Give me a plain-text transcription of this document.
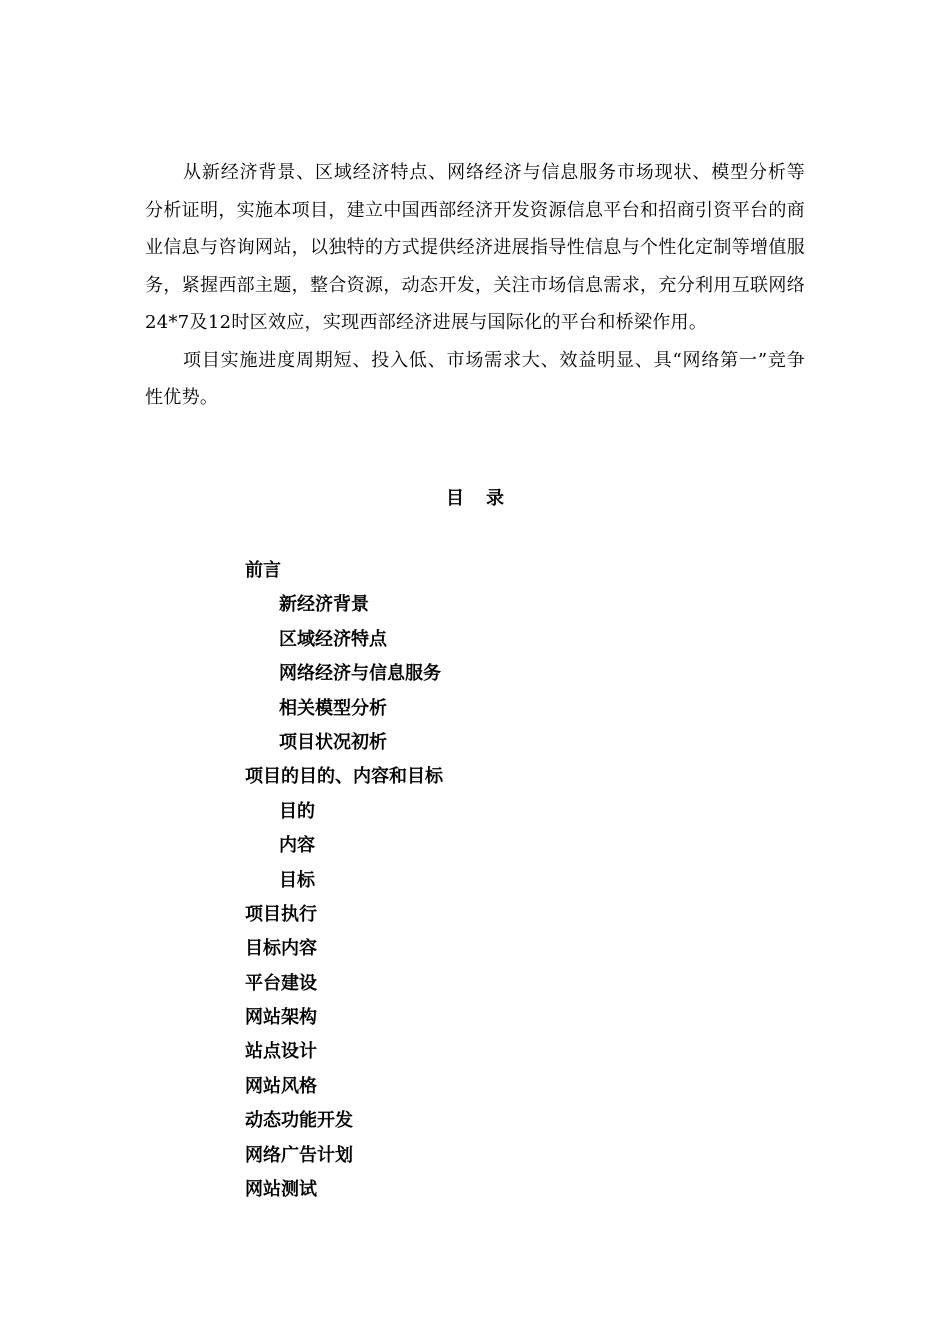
从新经济背景、区域经济特点、网络经济与信息服务市场现状、模型分析等分析证明，实施本项目，建立中国西部经济开发资源信息平台和招商引资平台的商业信息与咨询网站，以独特的方式提供经济进展指导性信息与个性化定制等增值服务，紧握西部主题，整合资源，动态开发，关注市场信息需求，充分利用互联网络24*7及12时区效应，实现西部经济进展与国际化的平台和桥梁作用。

项目实施进度周期短、投入低、市场需求大、效益明显、具“网络第一”竞争性优势。

目录
前言
新经济背景
区域经济特点
网络经济与信息服务
相关模型分析
项目状况初析
项目的目的、内容和目标
目的
内容
目标
项目执行
目标内容
平台建设
网站架构
站点设计
网站风格
动态功能开发
网络广告计划
网站测试
